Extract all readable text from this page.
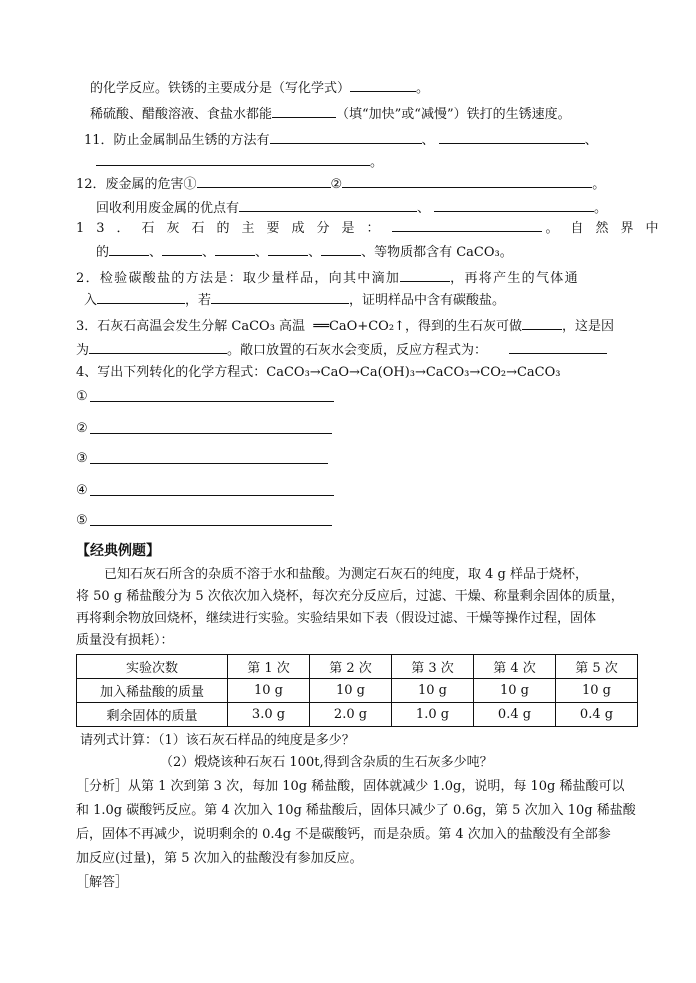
的化学反应。铁锈的主要成分是（写化学式）	。
稀硫酸、醋酸溶液、食盐水都能	（填“加快”或“减慢”）铁打的生锈速度。
11．防止金属制品生锈的方法有	、	、
。
12．废金属的危害①	②	。
回收利用废金属的优点有	、	。
13．石灰石的主要成分是：	。自然界中
的	、	、	、	、	、等物质都含有 CaCO₃。
2．检验碳酸盐的方法是：取少量样品，向其中滴加	，再将产生的气体通
入	，若	，证明样品中含有碳酸盐。
3．石灰石高温会发生分解 CaCO₃ 高温 ══CaO+CO₂↑，得到的生石灰可做	，这是因
为	。敞口放置的石灰水会变质，反应方程式为：
4、写出下列转化的化学方程式：CaCO₃→CaO→Ca(OH)₃→CaCO₃→CO₂→CaCO₃
①
②
③
④
⑤
【经典例题】
已知石灰石所含的杂质不溶于水和盐酸。为测定石灰石的纯度，取 4 g 样品于烧杯，
将 50 g 稀盐酸分为 5 次依次加入烧杯，每次充分反应后，过滤、干燥、称量剩余固体的质量，
再将剩余物放回烧杯，继续进行实验。实验结果如下表（假设过滤、干燥等操作过程，固体
质量没有损耗）：
实验次数	第 1 次	第 2 次	第 3 次	第 4 次	第 5 次
加入稀盐酸的质量	10 g	10 g	10 g	10 g	10 g
剩余固体的质量	3.0 g	2.0 g	1.0 g	0.4 g	0.4 g
请列式计算：（1）该石灰石样品的纯度是多少？
（2）煅烧该种石灰石 100t,得到含杂质的生石灰多少吨？
［分析］从第 1 次到第 3 次，每加 10g 稀盐酸，固体就减少 1.0g，说明，每 10g 稀盐酸可以
和 1.0g 碳酸钙反应。第 4 次加入 10g 稀盐酸后，固体只减少了 0.6g，第 5 次加入 10g 稀盐酸
后，固体不再减少，说明剩余的 0.4g 不是碳酸钙，而是杂质。第 4 次加入的盐酸没有全部参
加反应(过量)，第 5 次加入的盐酸没有参加反应。
［解答］
